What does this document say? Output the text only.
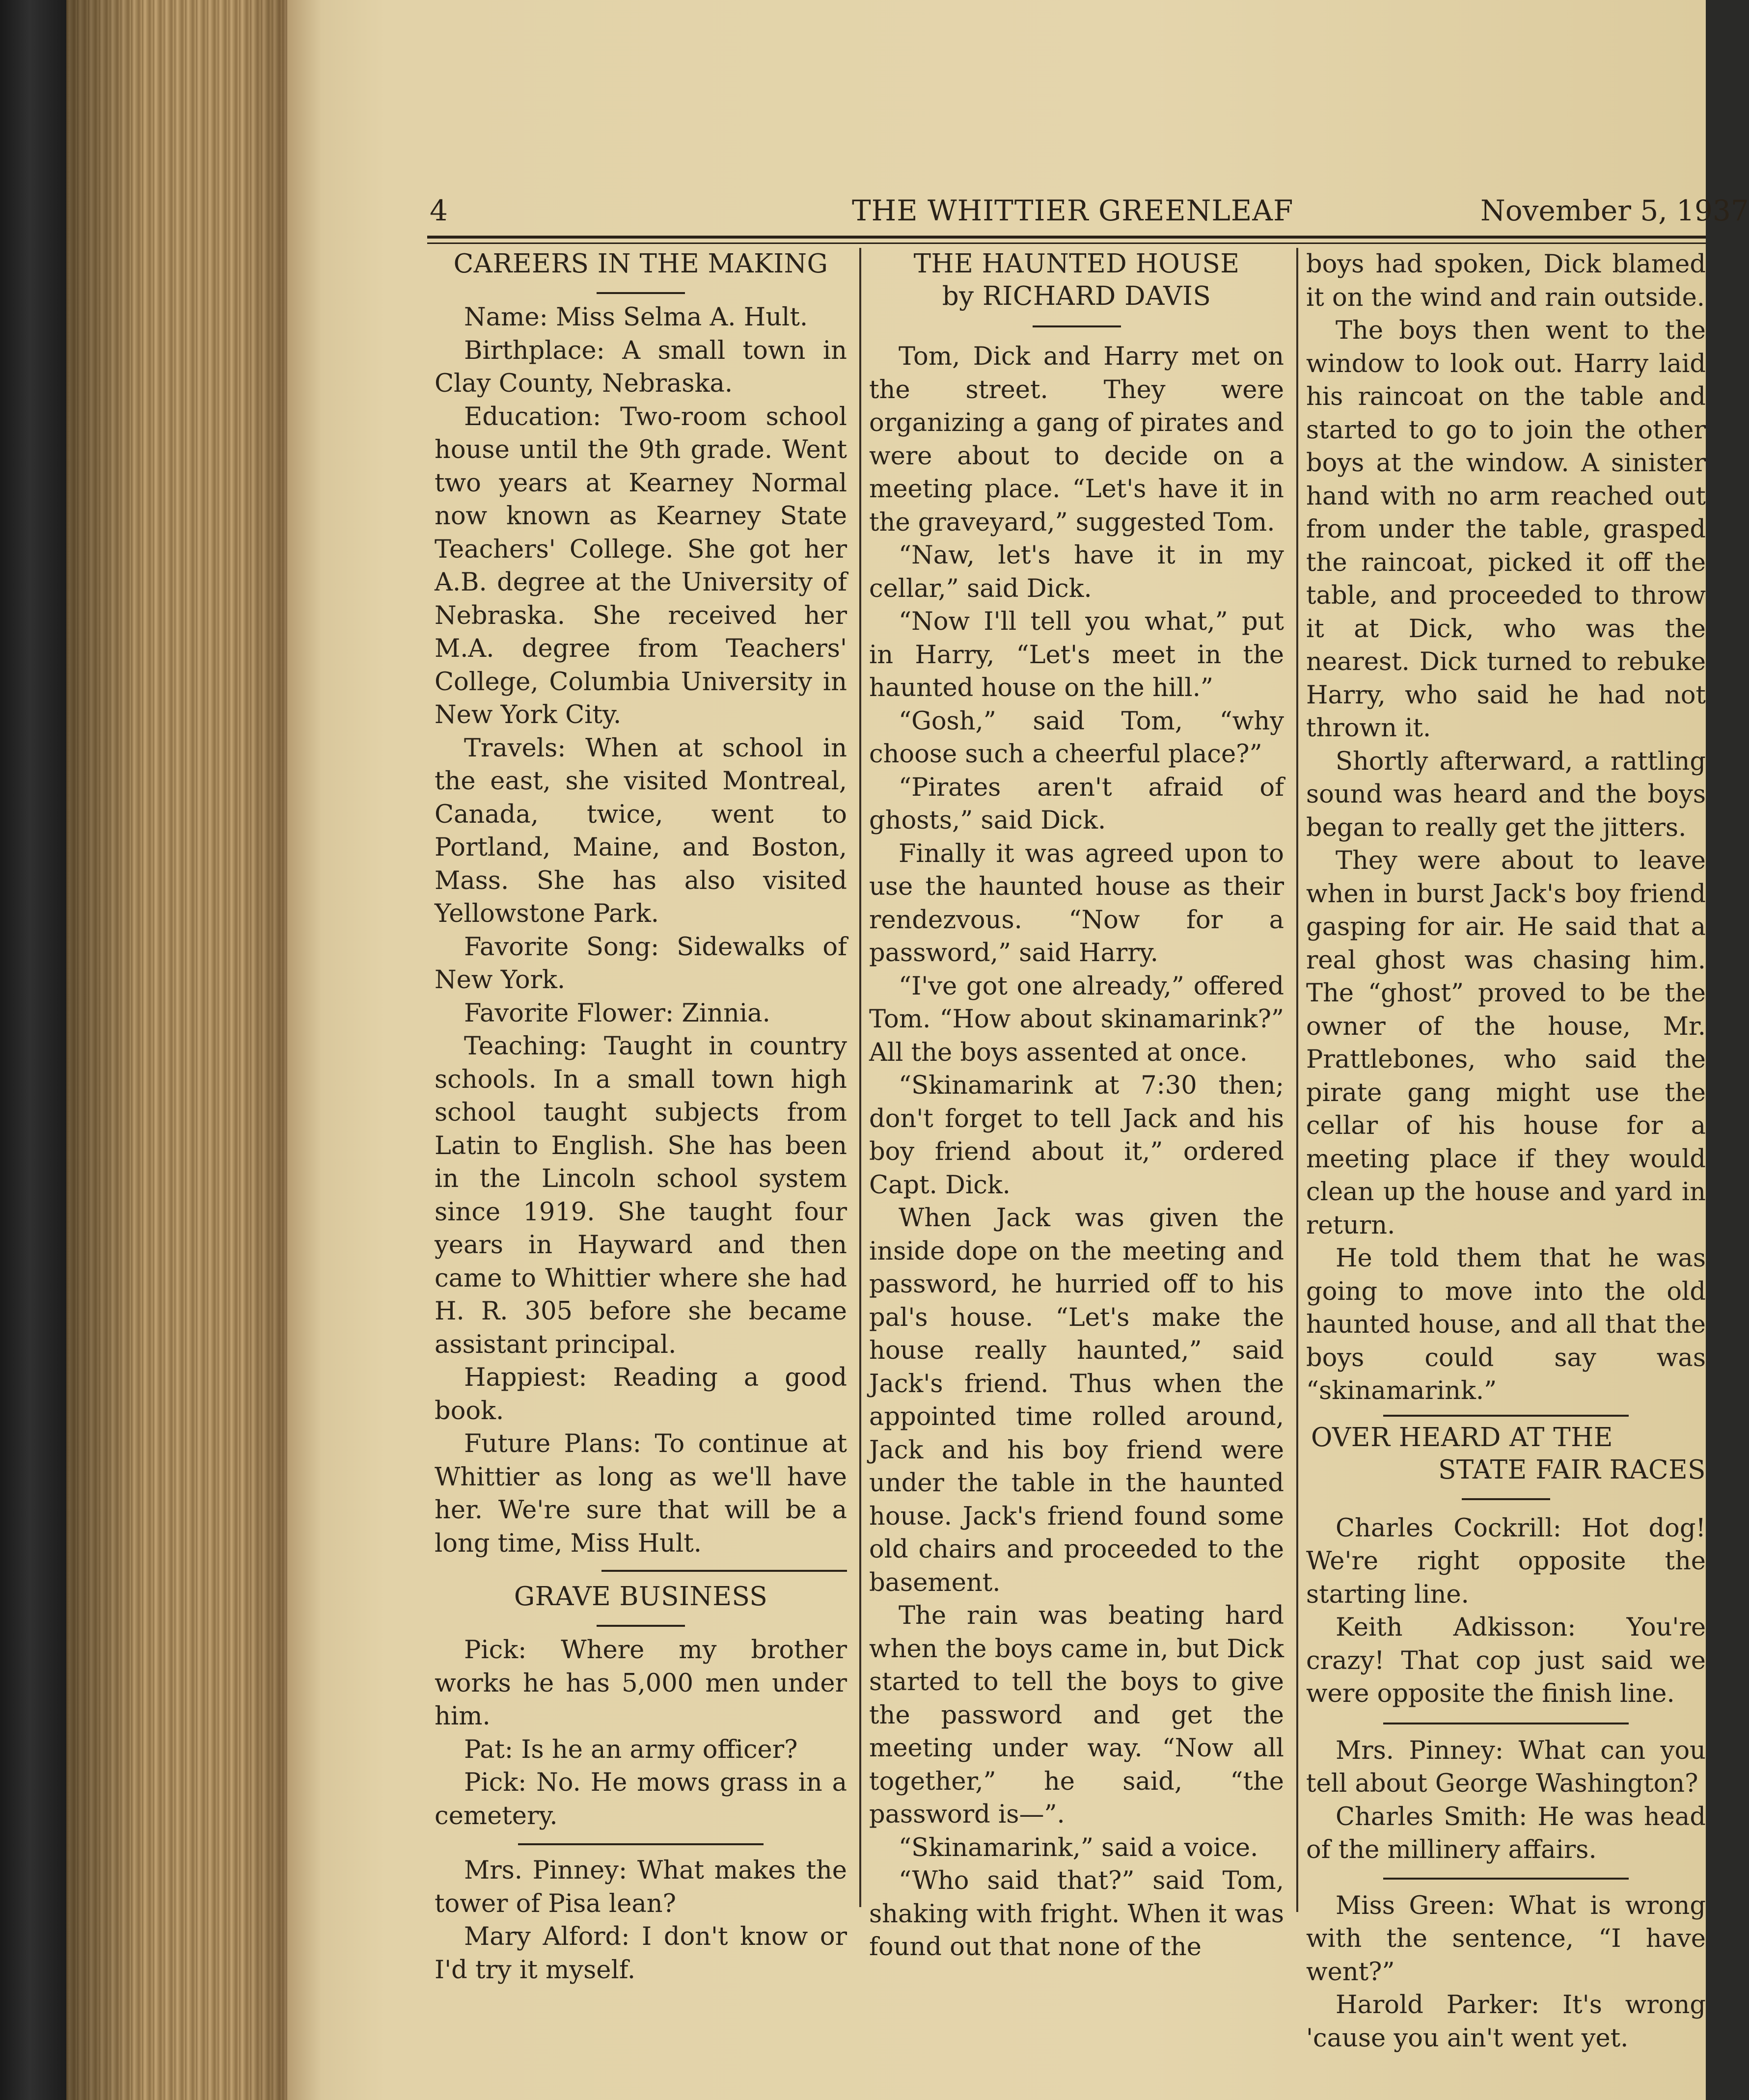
4	THE WHITTIER GREENLEAF	November 5, 1937
CAREERS IN THE MAKING

Name: Miss Selma A. Hult.

Birthplace: A small town in Clay County, Nebraska.

Education: Two-room school house until the 9th grade. Went two years at Kearney Normal now known as Kearney State Teachers' College. She got her A.B. degree at the University of Nebraska. She received her M.A. degree from Teachers' College, Columbia University in New York City.

Travels: When at school in the east, she visited Montreal, Canada, twice, went to Portland, Maine, and Boston, Mass. She has also visited Yellowstone Park.

Favorite Song: Sidewalks of New York.

Favorite Flower: Zinnia.

Teaching: Taught in country schools. In a small town high school taught subjects from Latin to English. She has been in the Lincoln school system since 1919. She taught four years in Hayward and then came to Whittier where she had H. R. 305 before she became assistant principal.

Happiest: Reading a good book.

Future Plans: To continue at Whittier as long as we'll have her. We're sure that will be a long time, Miss Hult.

GRAVE BUSINESS

Pick: Where my brother works he has 5,000 men under him.

Pat: Is he an army officer?

Pick: No. He mows grass in a cemetery.

Mrs. Pinney: What makes the tower of Pisa lean?

Mary Alford: I don't know or I'd try it myself.

THE HAUNTED HOUSE
by RICHARD DAVIS

Tom, Dick and Harry met on the street. They were organizing a gang of pirates and were about to decide on a meeting place. “Let's have it in the graveyard,” suggested Tom.

“Naw, let's have it in my cellar,” said Dick.

“Now I'll tell you what,” put in Harry, “Let's meet in the haunted house on the hill.”

“Gosh,” said Tom, “why choose such a cheerful place?”

“Pirates aren't afraid of ghosts,” said Dick.

Finally it was agreed upon to use the haunted house as their rendezvous. “Now for a password,” said Harry.

“I've got one already,” offered Tom. “How about skinamarink?” All the boys assented at once.

“Skinamarink at 7:30 then; don't forget to tell Jack and his boy friend about it,” ordered Capt. Dick.

When Jack was given the inside dope on the meeting and password, he hurried off to his pal's house. “Let's make the house really haunted,” said Jack's friend. Thus when the appointed time rolled around, Jack and his boy friend were under the table in the haunted house. Jack's friend found some old chairs and proceeded to the basement.

The rain was beating hard when the boys came in, but Dick started to tell the boys to give the password and get the meeting under way. “Now all together,” he said, “the password is—”.

“Skinamarink,” said a voice.

“Who said that?” said Tom, shaking with fright. When it was found out that none of the

boys had spoken, Dick blamed it on the wind and rain outside.

The boys then went to the window to look out. Harry laid his raincoat on the table and started to go to join the other boys at the window. A sinister hand with no arm reached out from under the table, grasped the raincoat, picked it off the table, and proceeded to throw it at Dick, who was the nearest. Dick turned to rebuke Harry, who said he had not thrown it.

Shortly afterward, a rattling sound was heard and the boys began to really get the jitters.

They were about to leave when in burst Jack's boy friend gasping for air. He said that a real ghost was chasing him. The “ghost” proved to be the owner of the house, Mr. Prattlebones, who said the pirate gang might use the cellar of his house for a meeting place if they would clean up the house and yard in return.

He told them that he was going to move into the old haunted house, and all that the boys could say was “skinamarink.”

OVER HEARD AT THE
STATE FAIR RACES

Charles Cockrill: Hot dog! We're right opposite the starting line.

Keith Adkisson: You're crazy! That cop just said we were opposite the finish line.

Mrs. Pinney: What can you tell about George Washington?

Charles Smith: He was head of the millinery affairs.

Miss Green: What is wrong with the sentence, “I have went?”

Harold Parker: It's wrong 'cause you ain't went yet.
